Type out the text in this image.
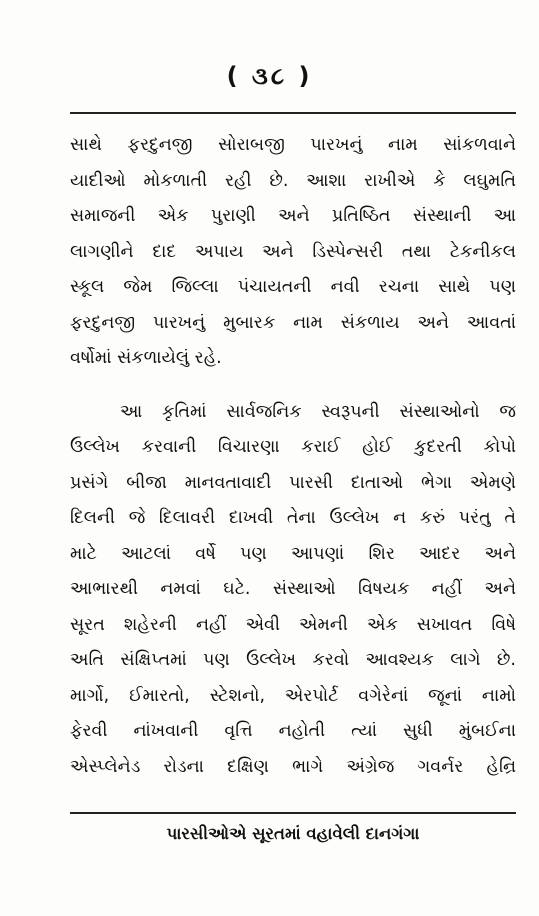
( ૩૮ )
સાથે ફરદુનજી સોરાબજી પારખનું નામ સાંકળવાને
યાદીઓ મોકળાતી રહી છે. આશા રાખીએ કે લઘુમતિ
સમાજની એક પુરાણી અને પ્રતિષ્ઠિત સંસ્થાની આ
લાગણીને દાદ અપાય અને ડિસ્પેન્સરી તથા ટેકનીકલ
સ્કૂલ જેમ જિલ્લા પંચાયતની નવી રચના સાથે પણ
ફરદુનજી પારખનું મુબારક નામ સંકળાય અને આવતાં
વર્ષોમાં સંકળાયેલું રહે.
આ કૃતિમાં સાર્વજનિક સ્વરૂપની સંસ્થાઓનો જ
ઉલ્લેખ કરવાની વિચારણા કરાઈ હોઈ કુદરતી કોપો
પ્રસંગે બીજા માનવતાવાદી પારસી દાતાઓ ભેગા એમણે
દિલની જે દિલાવરી દાખવી તેના ઉલ્લેખ ન કરું પરંતુ તે
માટે આટલાં વર્ષે પણ આપણાં શિર આદર અને
આભારથી નમવાં ઘટે. સંસ્થાઓ વિષયક નહીં અને
સૂરત શહેરની નહીં એવી એમની એક સખાવત વિષે
અતિ સંક્ષિપ્તમાં પણ ઉલ્લેખ કરવો આવશ્યક લાગે છે.
માર્ગો, ઈમારતો, સ્ટેશનો, એરપોર્ટ વગેરેનાં જૂનાં નામો
ફેરવી નાંખવાની વૃત્તિ નહોતી ત્યાં સુધી મુંબઈના
એસ્પ્લેનેડ રોડના દક્ષિણ ભાગે અંગ્રેજ ગવર્નર હેન્રિ
પારસીઓએ સૂરતમાં વહાવેલી દાનગંગા
